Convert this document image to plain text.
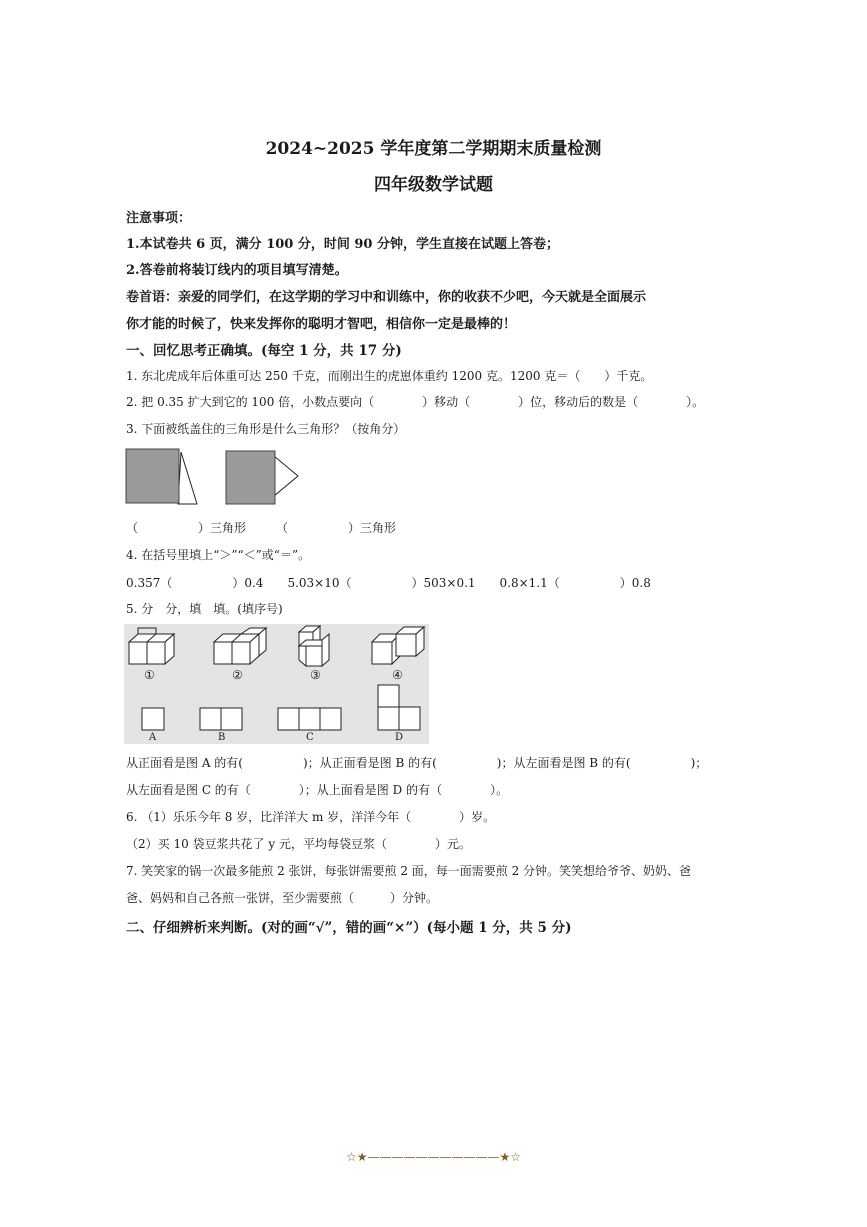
2024~2025 学年度第二学期期末质量检测
四年级数学试题
注意事项：
1.本试卷共 6 页，满分 100 分，时间 90 分钟，学生直接在试题上答卷；
2.答卷前将装订线内的项目填写清楚。
卷首语：亲爱的同学们，在这学期的学习中和训练中，你的收获不少吧，今天就是全面展示
你才能的时候了，快来发挥你的聪明才智吧，相信你一定是最棒的！
一、回忆思考正确填。(每空 1 分，共 17 分)
1. 东北虎成年后体重可达 250 千克，而刚出生的虎崽体重约 1200 克。1200 克＝（　　）千克。
2. 把 0.35 扩大到它的 100 倍，小数点要向（　　　　）移动（　　　　）位，移动后的数是（　　　　）。
3. 下面被纸盖住的三角形是什么三角形？（按角分）
（　　　　　）三角形　　　（　　　　　）三角形
4. 在括号里填上“＞”“＜”或“＝”。
0.357（　　　　　）0.4　　5.03×10（　　　　　）503×0.1　　0.8×1.1（　　　　　）0.8
5. 分　分，填　填。(填序号)
①	②	③	④
A	B	C	D
从正面看是图 A 的有(　　　　　)；从正面看是图 B 的有(　　　　　)；从左面看是图 B 的有(　　　　　)；
从左面看是图 C 的有（　　　　）；从上面看是图 D 的有（　　　　）。
6. （1）乐乐今年 8 岁，比洋洋大 m 岁，洋洋今年（　　　　）岁。
（2）买 10 袋豆浆共花了 y 元，平均每袋豆浆（　　　　）元。
7. 笑笑家的锅一次最多能煎 2 张饼，每张饼需要煎 2 面，每一面需要煎 2 分钟。笑笑想给爷爷、奶奶、爸
爸、妈妈和自己各煎一张饼，至少需要煎（　　　）分钟。
二、仔细辨析来判断。(对的画“√”，错的画“×”）(每小题 1 分，共 5 分)
☆★———————————★☆
